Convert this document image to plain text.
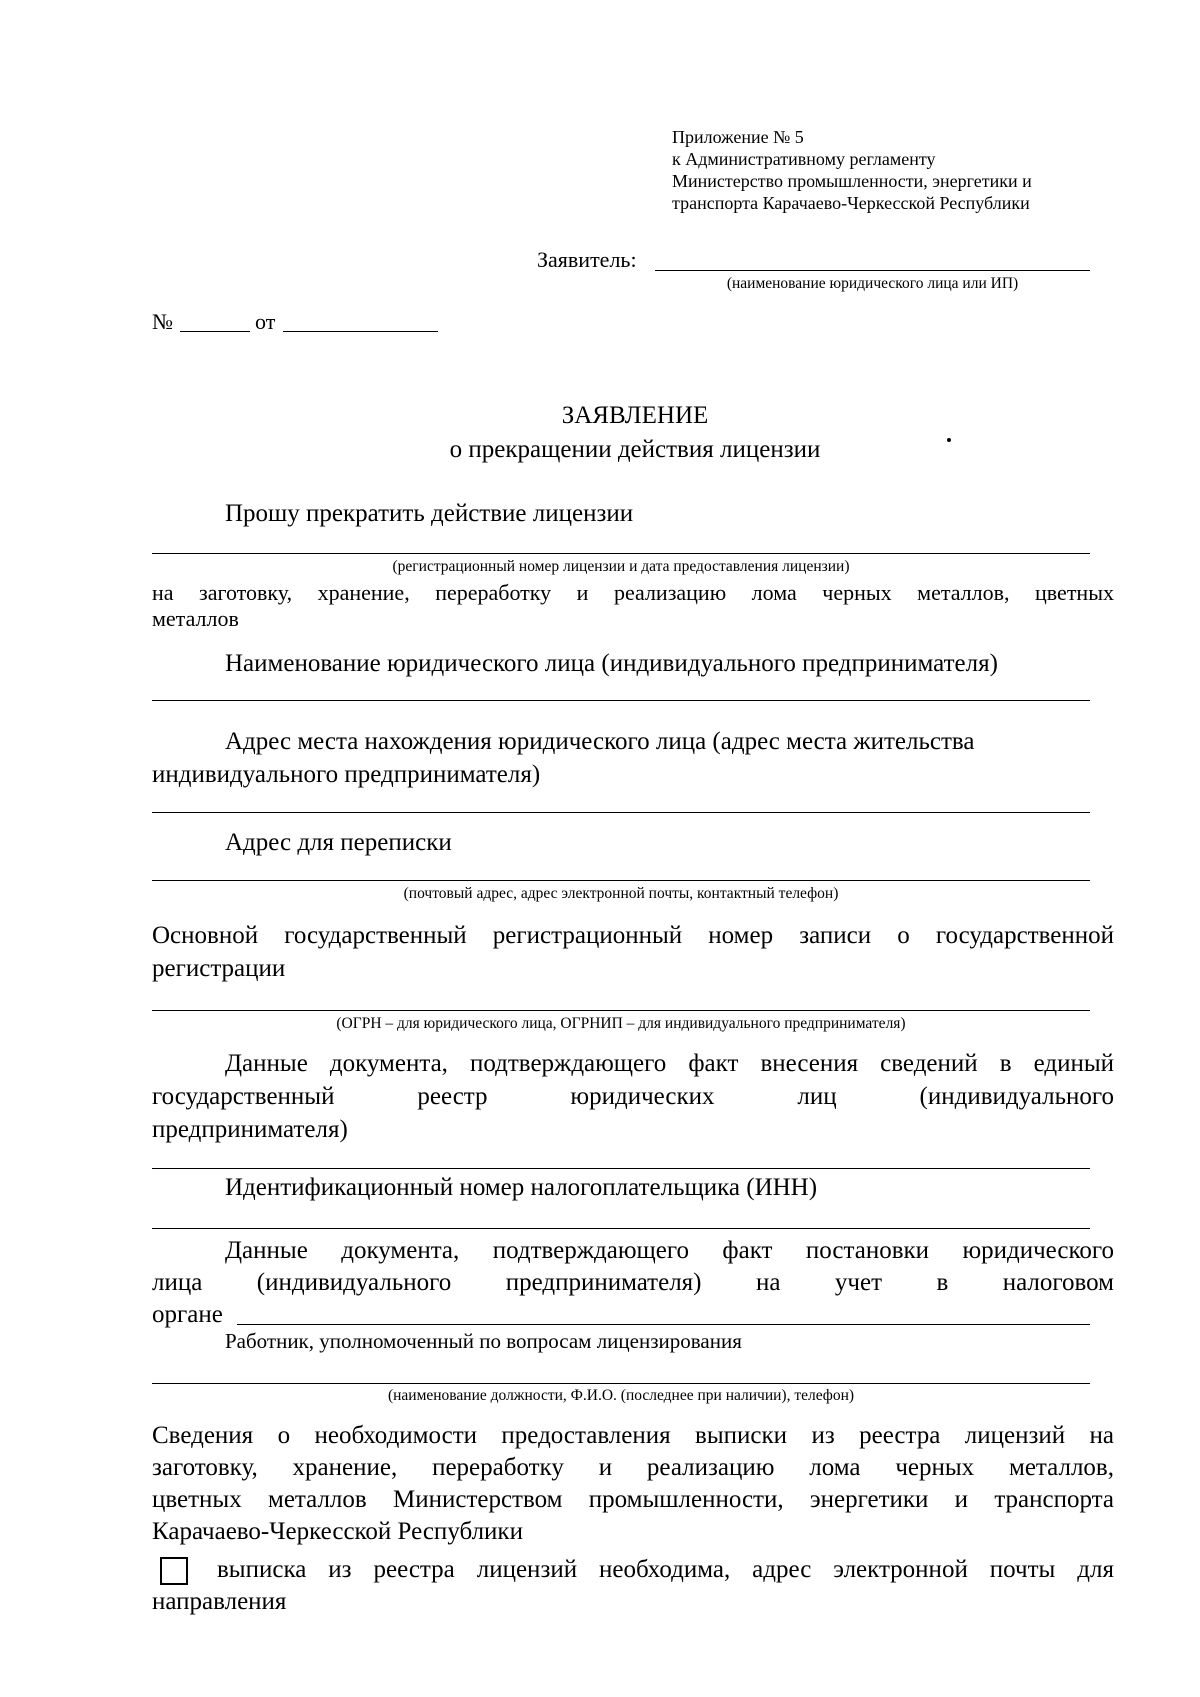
Приложение № 5
к Административному регламенту
Министерство промышленности, энергетики и
транспорта Карачаево-Черкесской Республики
Заявитель:
(наименование юридического лица или ИП)
№	от
ЗАЯВЛЕНИЕ
о прекращении действия лицензии
Прошу прекратить действие лицензии
(регистрационный номер лицензии и дата предоставления лицензии)
на заготовку, хранение, переработку и реализацию лома черных металлов, цветных
металлов
Наименование юридического лица (индивидуального предпринимателя)
Адрес места нахождения юридического лица (адрес места жительства
индивидуального предпринимателя)
Адрес для переписки
(почтовый адрес, адрес электронной почты, контактный телефон)
Основной государственный регистрационный номер записи о государственной
регистрации
(ОГРН – для юридического лица, ОГРНИП – для индивидуального предпринимателя)
Данные документа, подтверждающего факт внесения сведений в единый
государственный реестр юридических лиц (индивидуального
предпринимателя)
Идентификационный номер налогоплательщика (ИНН)
Данные документа, подтверждающего факт постановки юридического
лица (индивидуального предпринимателя) на учет в налоговом
органе
Работник, уполномоченный по вопросам лицензирования
(наименование должности, Ф.И.О. (последнее при наличии), телефон)
Сведения о необходимости предоставления выписки из реестра лицензий на
заготовку, хранение, переработку и реализацию лома черных металлов,
цветных металлов Министерством промышленности, энергетики и транспорта
Карачаево-Черкесской Республики
выписка из реестра лицензий необходима, адрес электронной почты для
направления
